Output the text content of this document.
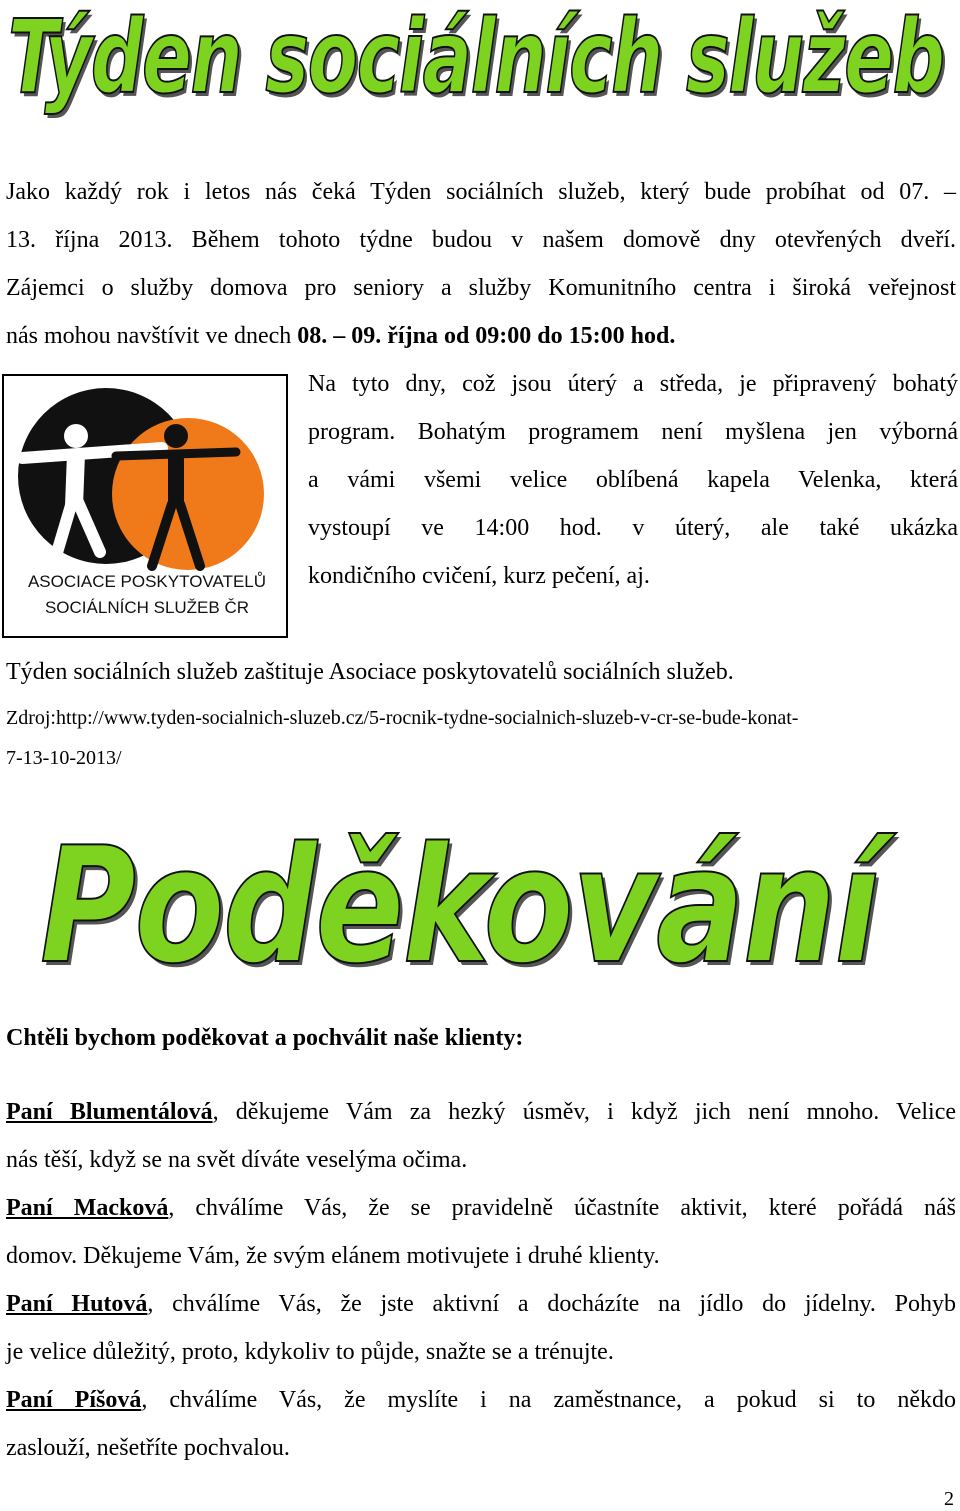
Týden sociálních služeb
Jako každý rok i letos nás čeká Týden sociálních služeb, který bude probíhat od 07. –
13. října 2013. Během tohoto týdne budou v našem domově dny otevřených dveří.
Zájemci o služby domova pro seniory a služby Komunitního centra i široká veřejnost
nás mohou navštívit ve dnech 08. – 09. října od 09:00 do 15:00 hod.
ASOCIACE POSKYTOVATELŮ
SOCIÁLNÍCH SLUŽEB ČR
Na tyto dny, což jsou úterý a středa, je připravený bohatý
program. Bohatým programem není myšlena jen výborná
a vámi všemi velice oblíbená kapela Velenka, která
vystoupí ve 14:00 hod. v úterý, ale také ukázka
kondičního cvičení, kurz pečení, aj.
Týden sociálních služeb zaštituje Asociace poskytovatelů sociálních služeb.
Zdroj:http://www.tyden-socialnich-sluzeb.cz/5-rocnik-tydne-socialnich-sluzeb-v-cr-se-bude-konat-
7-13-10-2013/
Poděkování
Chtěli bychom poděkovat a pochválit naše klienty:
Paní Blumentálová, děkujeme Vám za hezký úsměv, i když jich není mnoho. Velice
nás těší, když se na svět díváte veselýma očima.
Paní Macková, chválíme Vás, že se pravidelně účastníte aktivit, které pořádá náš
domov. Děkujeme Vám, že svým elánem motivujete i druhé klienty.
Paní Hutová, chválíme Vás, že jste aktivní a docházíte na jídlo do jídelny. Pohyb
je velice důležitý, proto, kdykoliv to půjde, snažte se a trénujte.
Paní Píšová, chválíme Vás, že myslíte i na zaměstnance, a pokud si to někdo
zaslouží, nešetříte pochvalou.
2
